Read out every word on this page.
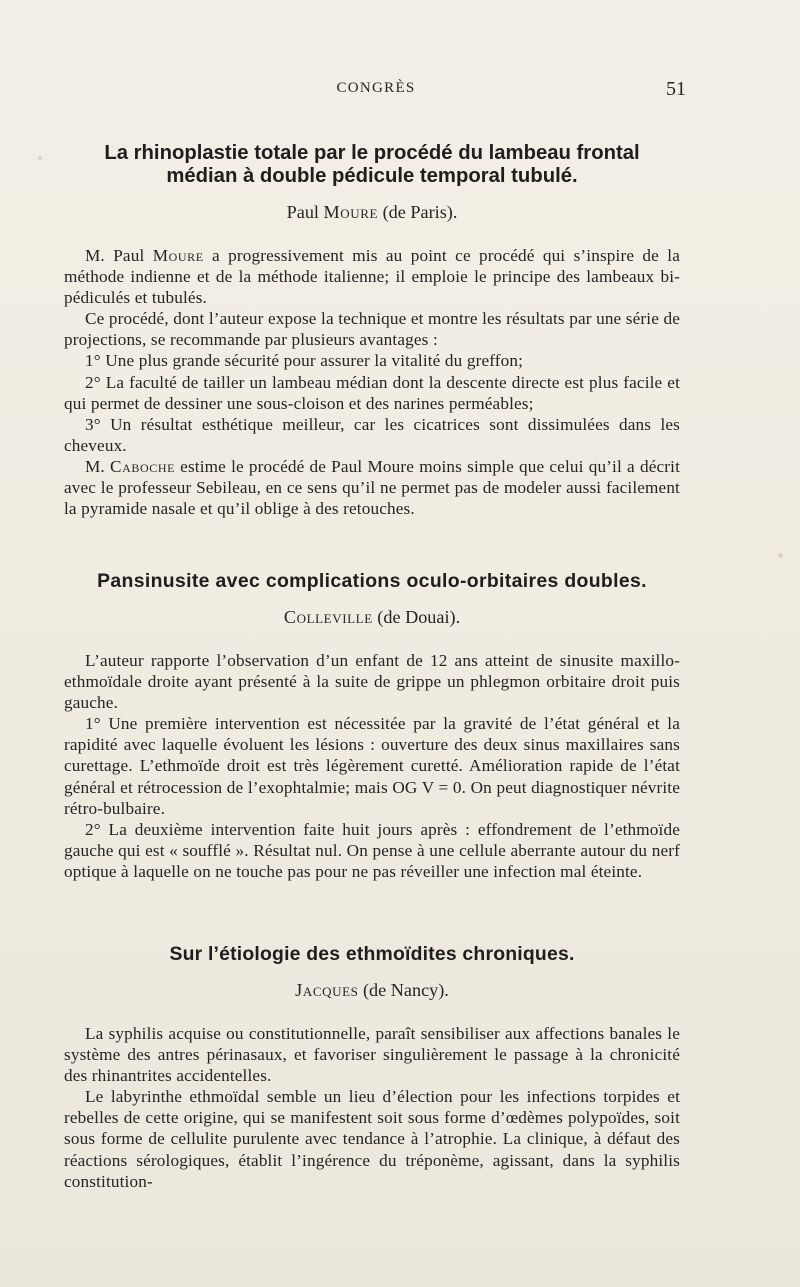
CONGRÈS	51
La rhinoplastie totale par le procédé du lambeau frontal médian à double pédicule temporal tubulé.
Paul Moure (de Paris).

M. Paul Moure a progressivement mis au point ce procédé qui s’inspire de la méthode indienne et de la méthode italienne; il emploie le principe des lambeaux bi-pédiculés et tubulés.

Ce procédé, dont l’auteur expose la technique et montre les résultats par une série de projections, se recommande par plusieurs avantages :

1° Une plus grande sécurité pour assurer la vitalité du greffon;

2° La faculté de tailler un lambeau médian dont la descente directe est plus facile et qui permet de dessiner une sous-cloison et des narines perméables;

3° Un résultat esthétique meilleur, car les cicatrices sont dissimulées dans les cheveux.

M. Caboche estime le procédé de Paul Moure moins simple que celui qu’il a décrit avec le professeur Sebileau, en ce sens qu’il ne permet pas de modeler aussi facilement la pyramide nasale et qu’il oblige à des retouches.

Pansinusite avec complications oculo-orbitaires doubles.
Colleville (de Douai).

L’auteur rapporte l’observation d’un enfant de 12 ans atteint de sinusite maxillo-ethmoïdale droite ayant présenté à la suite de grippe un phlegmon orbitaire droit puis gauche.

1° Une première intervention est nécessitée par la gravité de l’état général et la rapidité avec laquelle évoluent les lésions : ouverture des deux sinus maxillaires sans curettage. L’ethmoïde droit est très légèrement curetté. Amélioration rapide de l’état général et rétrocession de l’exophtalmie; mais OG V = 0. On peut diagnostiquer névrite rétro-bulbaire.

2° La deuxième intervention faite huit jours après : effondrement de l’ethmoïde gauche qui est « soufflé ». Résultat nul. On pense à une cellule aberrante autour du nerf optique à laquelle on ne touche pas pour ne pas réveiller une infection mal éteinte.

Sur l’étiologie des ethmoïdites chroniques.
Jacques (de Nancy).

La syphilis acquise ou constitutionnelle, paraît sensibiliser aux affections banales le système des antres périnasaux, et favoriser singulièrement le passage à la chronicité des rhinantrites accidentelles.

Le labyrinthe ethmoïdal semble un lieu d’élection pour les infections torpides et rebelles de cette origine, qui se manifestent soit sous forme d’œdèmes polypoïdes, soit sous forme de cellulite purulente avec tendance à l’atrophie. La clinique, à défaut des réactions sérologiques, établit l’ingérence du tréponème, agissant, dans la syphilis constitution-
